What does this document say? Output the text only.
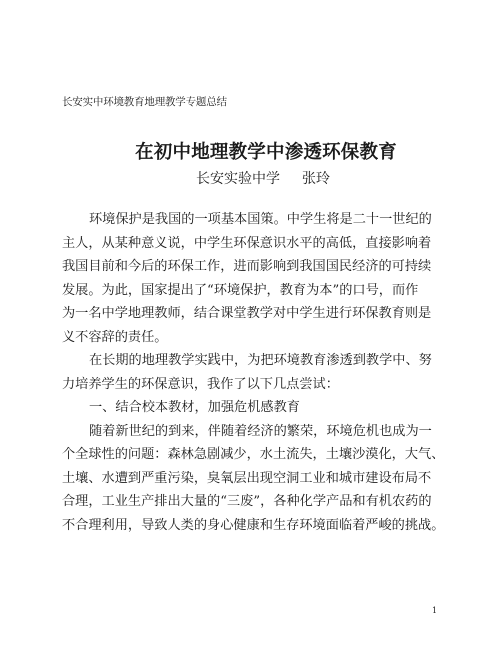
长安实中环境教育地理教学专题总结
在初中地理教学中渗透环保教育
长安实验中学 张玲
环境保护是我国的一项基本国策。中学生将是二十一世纪的
主人，从某种意义说，中学生环保意识水平的高低，直接影响着
我国目前和今后的环保工作，进而影响到我国国民经济的可持续
发展。为此，国家提出了“环境保护，教育为本”的口号，而作
为一名中学地理教师，结合课堂教学对中学生进行环保教育则是
义不容辞的责任。
在长期的地理教学实践中，为把环境教育渗透到教学中、努
力培养学生的环保意识，我作了以下几点尝试：
一、结合校本教材，加强危机感教育
随着新世纪的到来，伴随着经济的繁荣，环境危机也成为一
个全球性的问题：森林急剧减少，水土流失，土壤沙漠化，大气、
土壤、水遭到严重污染，臭氧层出现空洞工业和城市建设布局不
合理，工业生产排出大量的“三废”，各种化学产品和有机农药的
不合理利用，导致人类的身心健康和生存环境面临着严峻的挑战。
1
